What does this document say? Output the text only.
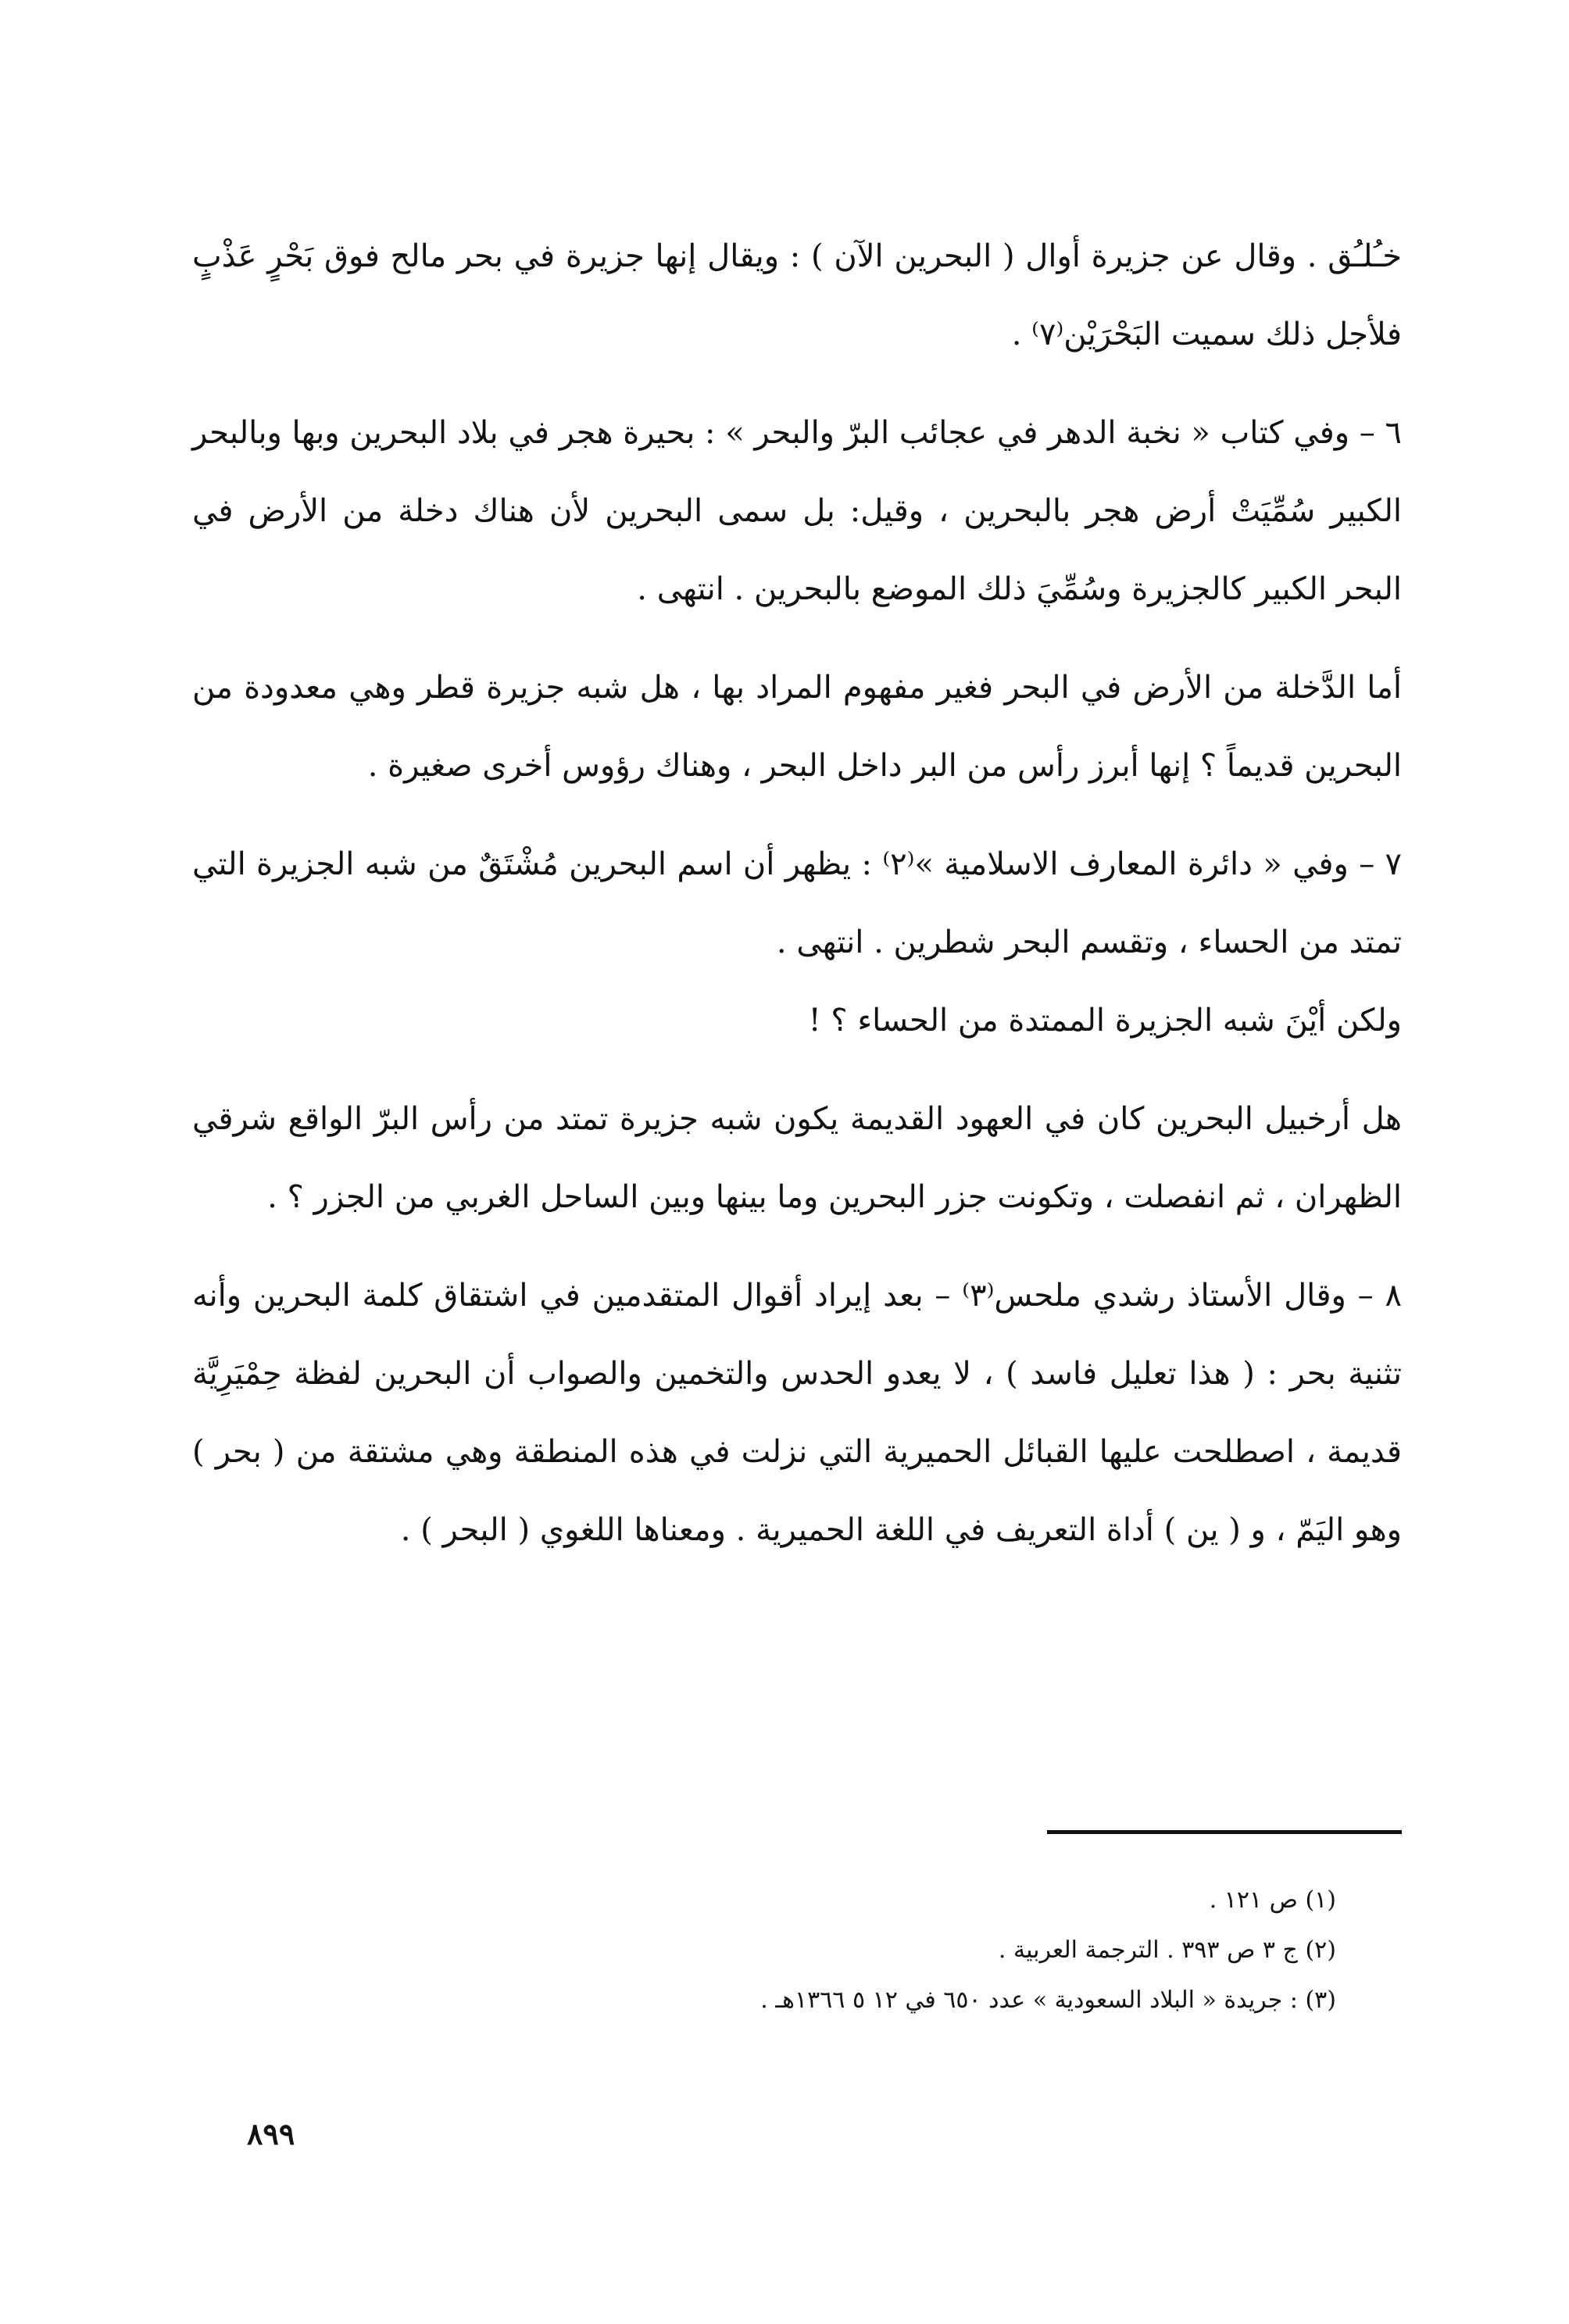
خـُلـُق . وقال عن جزيرة أوال ( البحرين الآن ) : ويقال إنها جزيرة في بحر مالح فوق بَحْرٍ عَذْبٍ فلأجل ذلك سميت البَحْرَيْن⁽٧⁾ .

٦ – وفي كتاب « نخبة الدهر في عجائب البرّ والبحر » : بحيرة هجر في بلاد البحرين وبها وبالبحر الكبير سُمِّيَتْ أرض هجر بالبحرين ، وقيل: بل سمى البحرين لأن هناك دخلة من الأرض في البحر الكبير كالجزيرة وسُمِّيَ ذلك الموضع بالبحرين . انتهى .

أما الدَّخلة من الأرض في البحر فغير مفهوم المراد بها ، هل شبه جزيرة قطر وهي معدودة من البحرين قديماً ؟ إنها أبرز رأس من البر داخل البحر ، وهناك رؤوس أخرى صغيرة .

٧ – وفي « دائرة المعارف الاسلامية »⁽٢⁾ : يظهر أن اسم البحرين مُشْتَقٌ من شبه الجزيرة التي تمتد من الحساء ، وتقسم البحر شطرين . انتهى .

ولكن أيْنَ شبه الجزيرة الممتدة من الحساء ؟ !

هل أرخبيل البحرين كان في العهود القديمة يكون شبه جزيرة تمتد من رأس البرّ الواقع شرقي الظهران ، ثم انفصلت ، وتكونت جزر البحرين وما بينها وبين الساحل الغربي من الجزر ؟ .

٨ – وقال الأستاذ رشدي ملحس⁽٣⁾ – بعد إيراد أقوال المتقدمين في اشتقاق كلمة البحرين وأنه تثنية بحر : ( هذا تعليل فاسد ) ، لا يعدو الحدس والتخمين والصواب أن البحرين لفظة حِمْيَرِيَّة قديمة ، اصطلحت عليها القبائل الحميرية التي نزلت في هذه المنطقة وهي مشتقة من ( بحر ) وهو اليَمّ ، و ( ين ) أداة التعريف في اللغة الحميرية . ومعناها اللغوي ( البحر ) .

(١) ص ١٢١ .

(٢) ج ٣ ص ٣٩٣ . الترجمة العربية .

(٣) : جريدة « البلاد السعودية » عدد ٦٥٠ في ١٢ ٥ ١٣٦٦هـ .

٨٩٩
